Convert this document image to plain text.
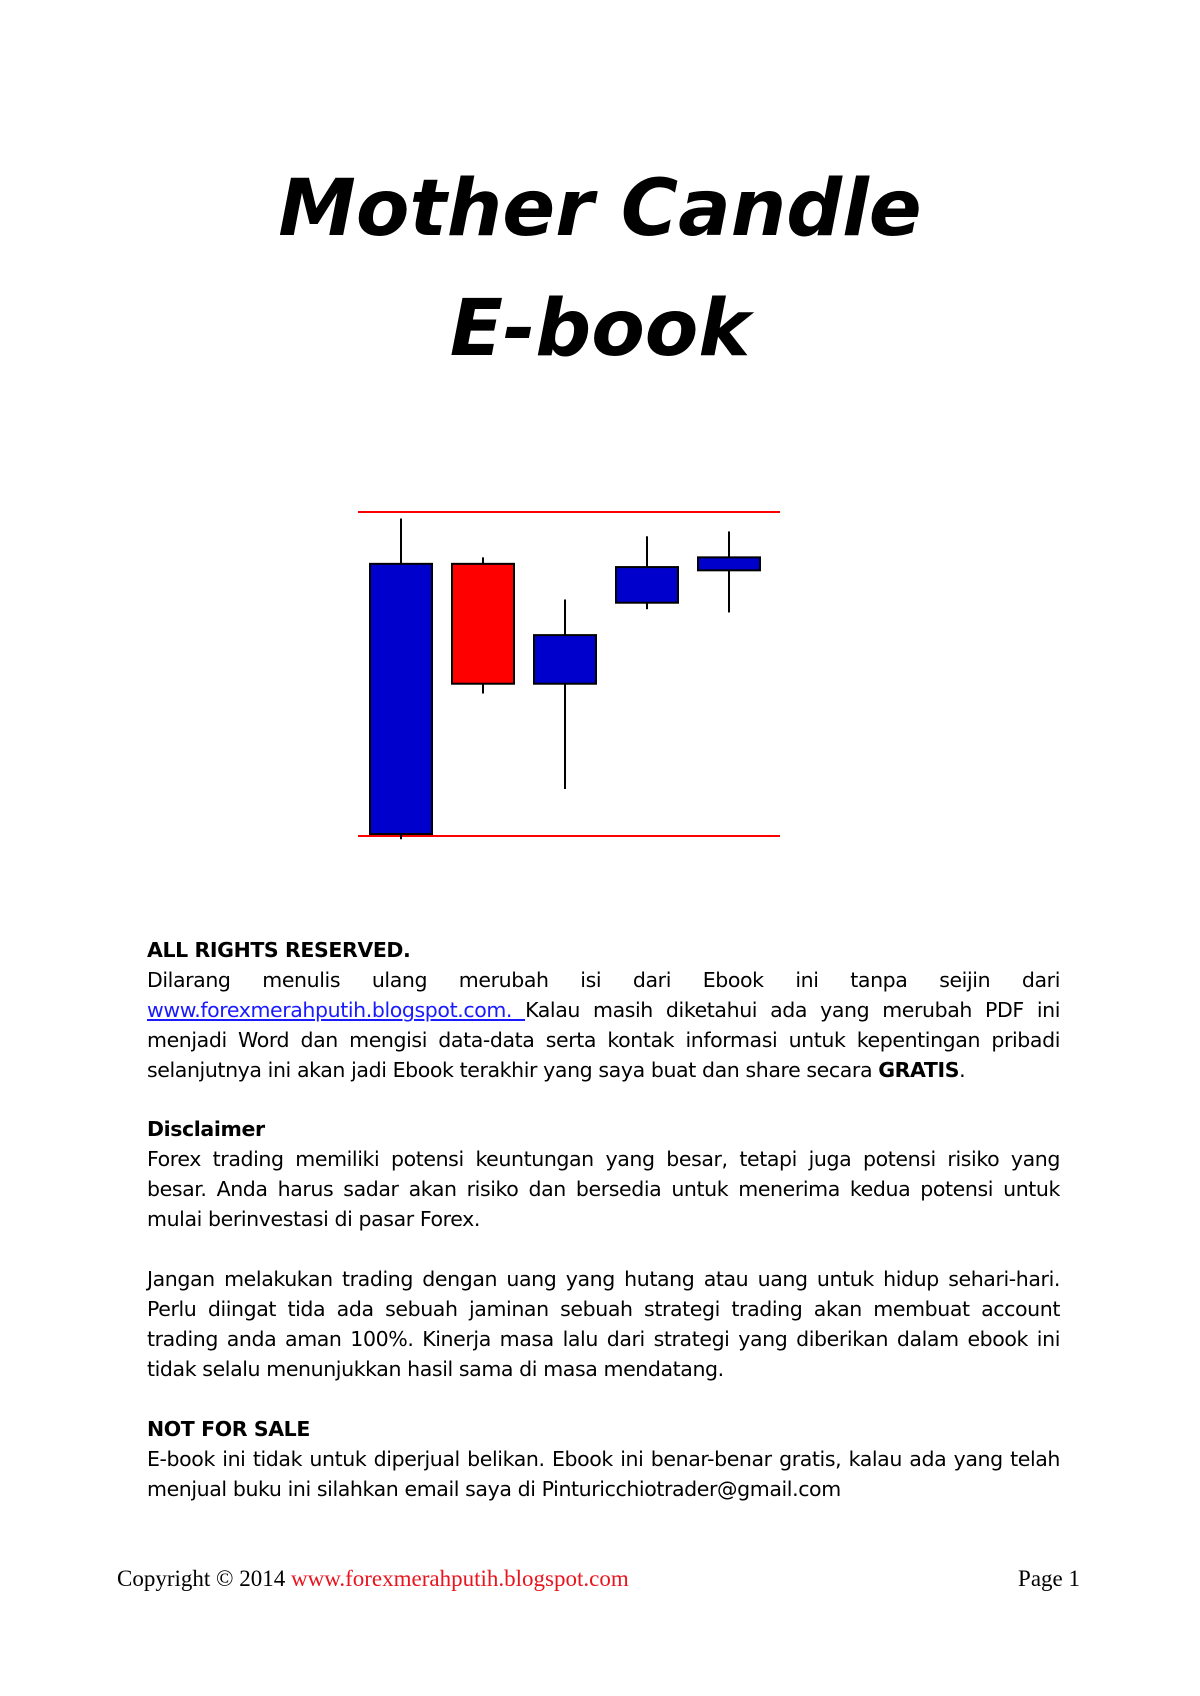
Mother Candle
E-book

ALL RIGHTS RESERVED.

Dilarang menulis ulang merubah isi dari Ebook ini tanpa seijin dari www.forexmerahputih.blogspot.com. Kalau masih diketahui ada yang merubah PDF ini menjadi Word dan mengisi data-data serta kontak informasi untuk kepentingan pribadi selanjutnya ini akan jadi Ebook terakhir yang saya buat dan share secara GRATIS.

Disclaimer

Forex trading memiliki potensi keuntungan yang besar, tetapi juga potensi risiko yang besar. Anda harus sadar akan risiko dan bersedia untuk menerima kedua potensi untuk mulai berinvestasi di pasar Forex.

Jangan melakukan trading dengan uang yang hutang atau uang untuk hidup sehari-hari. Perlu diingat tida ada sebuah jaminan sebuah strategi trading akan membuat account trading anda aman 100%. Kinerja masa lalu dari strategi yang diberikan dalam ebook ini tidak selalu menunjukkan hasil sama di masa mendatang.

NOT FOR SALE

E-book ini tidak untuk diperjual belikan. Ebook ini benar-benar gratis, kalau ada yang telah menjual buku ini silahkan email saya di Pinturicchiotrader@gmail.com

Copyright © 2014 www.forexmerahputih.blogspot.com	Page 1
